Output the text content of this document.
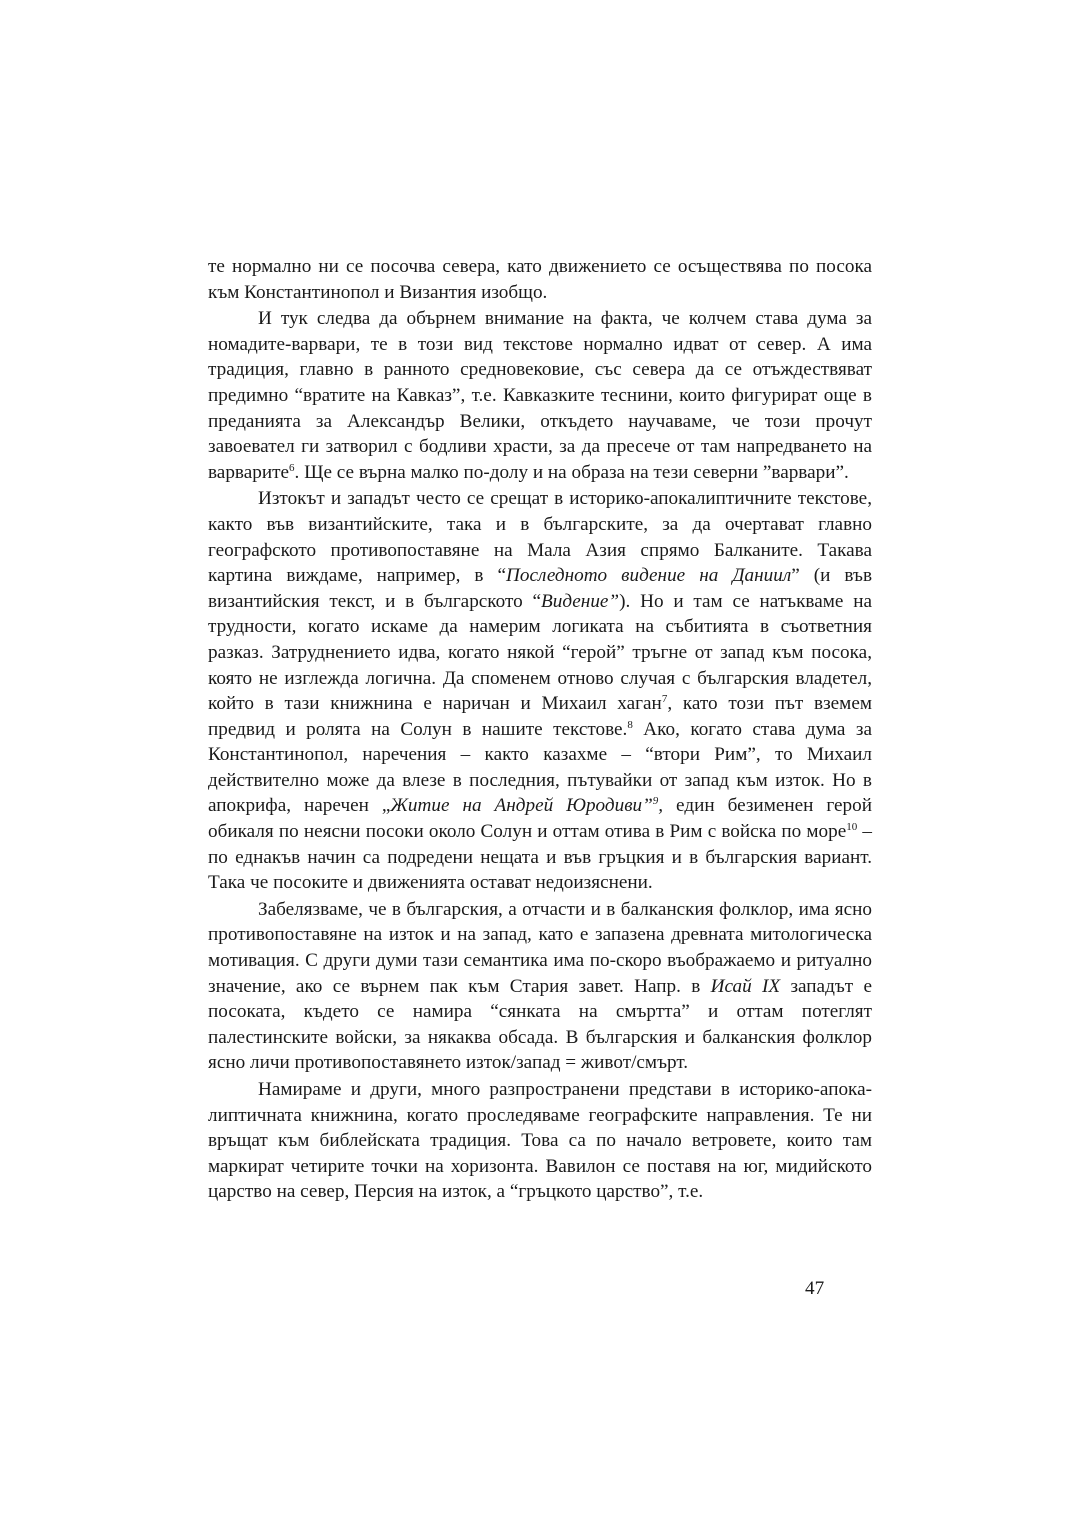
те нормално ни се посочва севера, като движението се осъществява по посока към Константинопол и Византия изобщо.

И тук следва да обърнем внимание на факта, че колчем става дума за номадите-варвари, те в този вид текстове нормално идват от север. А има традиция, главно в ранното средновековие, със севера да се отъждествяват предимно “вратите на Кавказ”, т.е. Кавказките теснини, които фигурират още в преданията за Александър Велики, откъдето научаваме, че този прочут завоевател ги затворил с бодливи храсти, за да пресече от там напредването на варварите$^6$. Ще се върна малко по-долу и на образа на тези северни ”варвари”.

Изтокът и западът често се срещат в историко-апокалиптичните текстове, както във византийските, така и в българските, за да очертават главно географското противопоставяне на Мала Азия спрямо Балканите. Такава картина виждаме, например, в “Последното видение на Даниил” (и във византийския текст, и в българското “Видение”). Но и там се натъкваме на трудности, когато искаме да намерим логиката на събитията в съответния разказ. Затруднението идва, когато някой “герой” тръгне от запад към посока, която не изглежда логична. Да споменем отново случая с българския владетел, който в тази книжнина е наричан и Михаил хаган$^7$, като този път вземем предвид и ролята на Солун в нашите текстове.$^8$ Ако, когато става дума за Константинопол, наречения – както казахме – “втори Рим”, то Михаил действително може да влезе в последния, пътувайки от запад към изток. Но в апокрифа, наречен „Житие на Андрей Юродиви”$^9$, един безименен герой обикаля по неясни посоки около Солун и оттам отива в Рим с войска по море$^{10}$ – по еднакъв начин са подредени нещата и във гръцкия и в българския вариант. Така че посоките и движенията остават недоизяснени.

Забелязваме, че в българския, а отчасти и в балканския фолклор, има ясно противопоставяне на изток и на запад, като е запазена древната митологическа мотивация. С други думи тази семантика има по-скоро въображаемо и ритуално значение, ако се върнем пак към Стария завет. Напр. в Исай IX западът е посоката, където се намира “сянката на смъртта” и оттам потеглят палестинските войски, за някаква обсада. В българския и балканския фолклор ясно личи противопоставянето изток/запад = живот/смърт.

Намираме и други, много разпространени представи в историко-апокалиптичната книжнина, когато проследяваме географските направления. Те ни връщат към библейската традиция. Това са по начало ветровете, които там маркират четирите точки на хоризонта. Вавилон се поставя на юг, мидийското царство на север, Персия на изток, а “гръцкото царство”, т.е.

47
